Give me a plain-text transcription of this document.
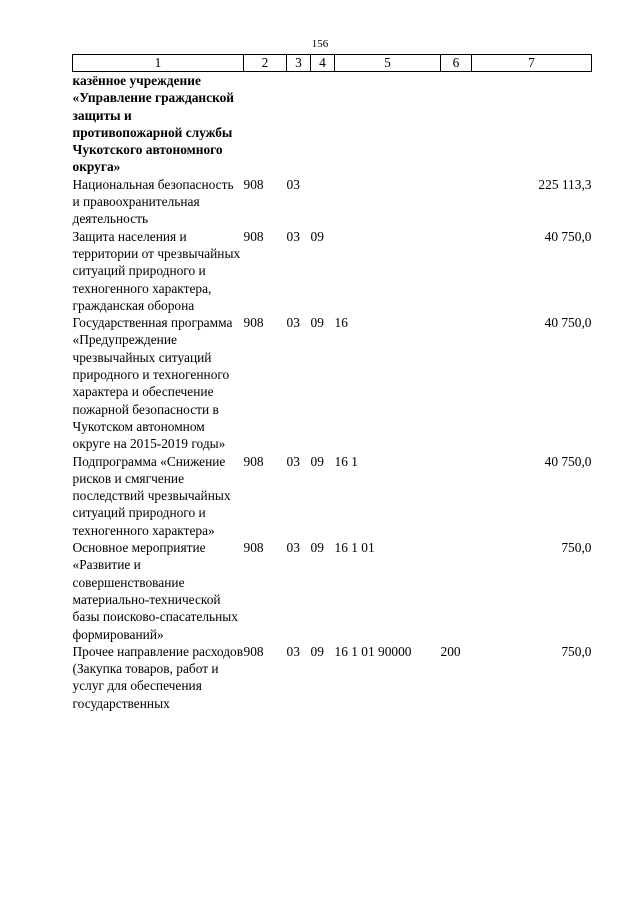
156
1	2	3	4	5	6	7
казённое учреждение «Управление гражданской защиты и противопожарной службы Чукотского автономного округа»						
Национальная безопасность и правоохранительная деятельность	908	03				225 113,3
Защита населения и территории от чрезвычайных ситуаций природного и техногенного характера, гражданская оборона	908	03	09			40 750,0
Государственная программа «Предупреждение чрезвычайных ситуаций природного и техногенного характера и обеспечение пожарной безопасности в Чукотском автономном округе на 2015-2019 годы»	908	03	09	16		40 750,0
Подпрограмма «Снижение рисков и смягчение последствий чрезвычайных ситуаций природного и техногенного характера»	908	03	09	16 1		40 750,0
Основное мероприятие «Развитие и совершенствование материально-технической базы поисково-спасательных формирований»	908	03	09	16 1 01		750,0
Прочее направление расходов (Закупка товаров, работ и услуг для обеспечения государственных	908	03	09	16 1 01 90000	200	750,0
